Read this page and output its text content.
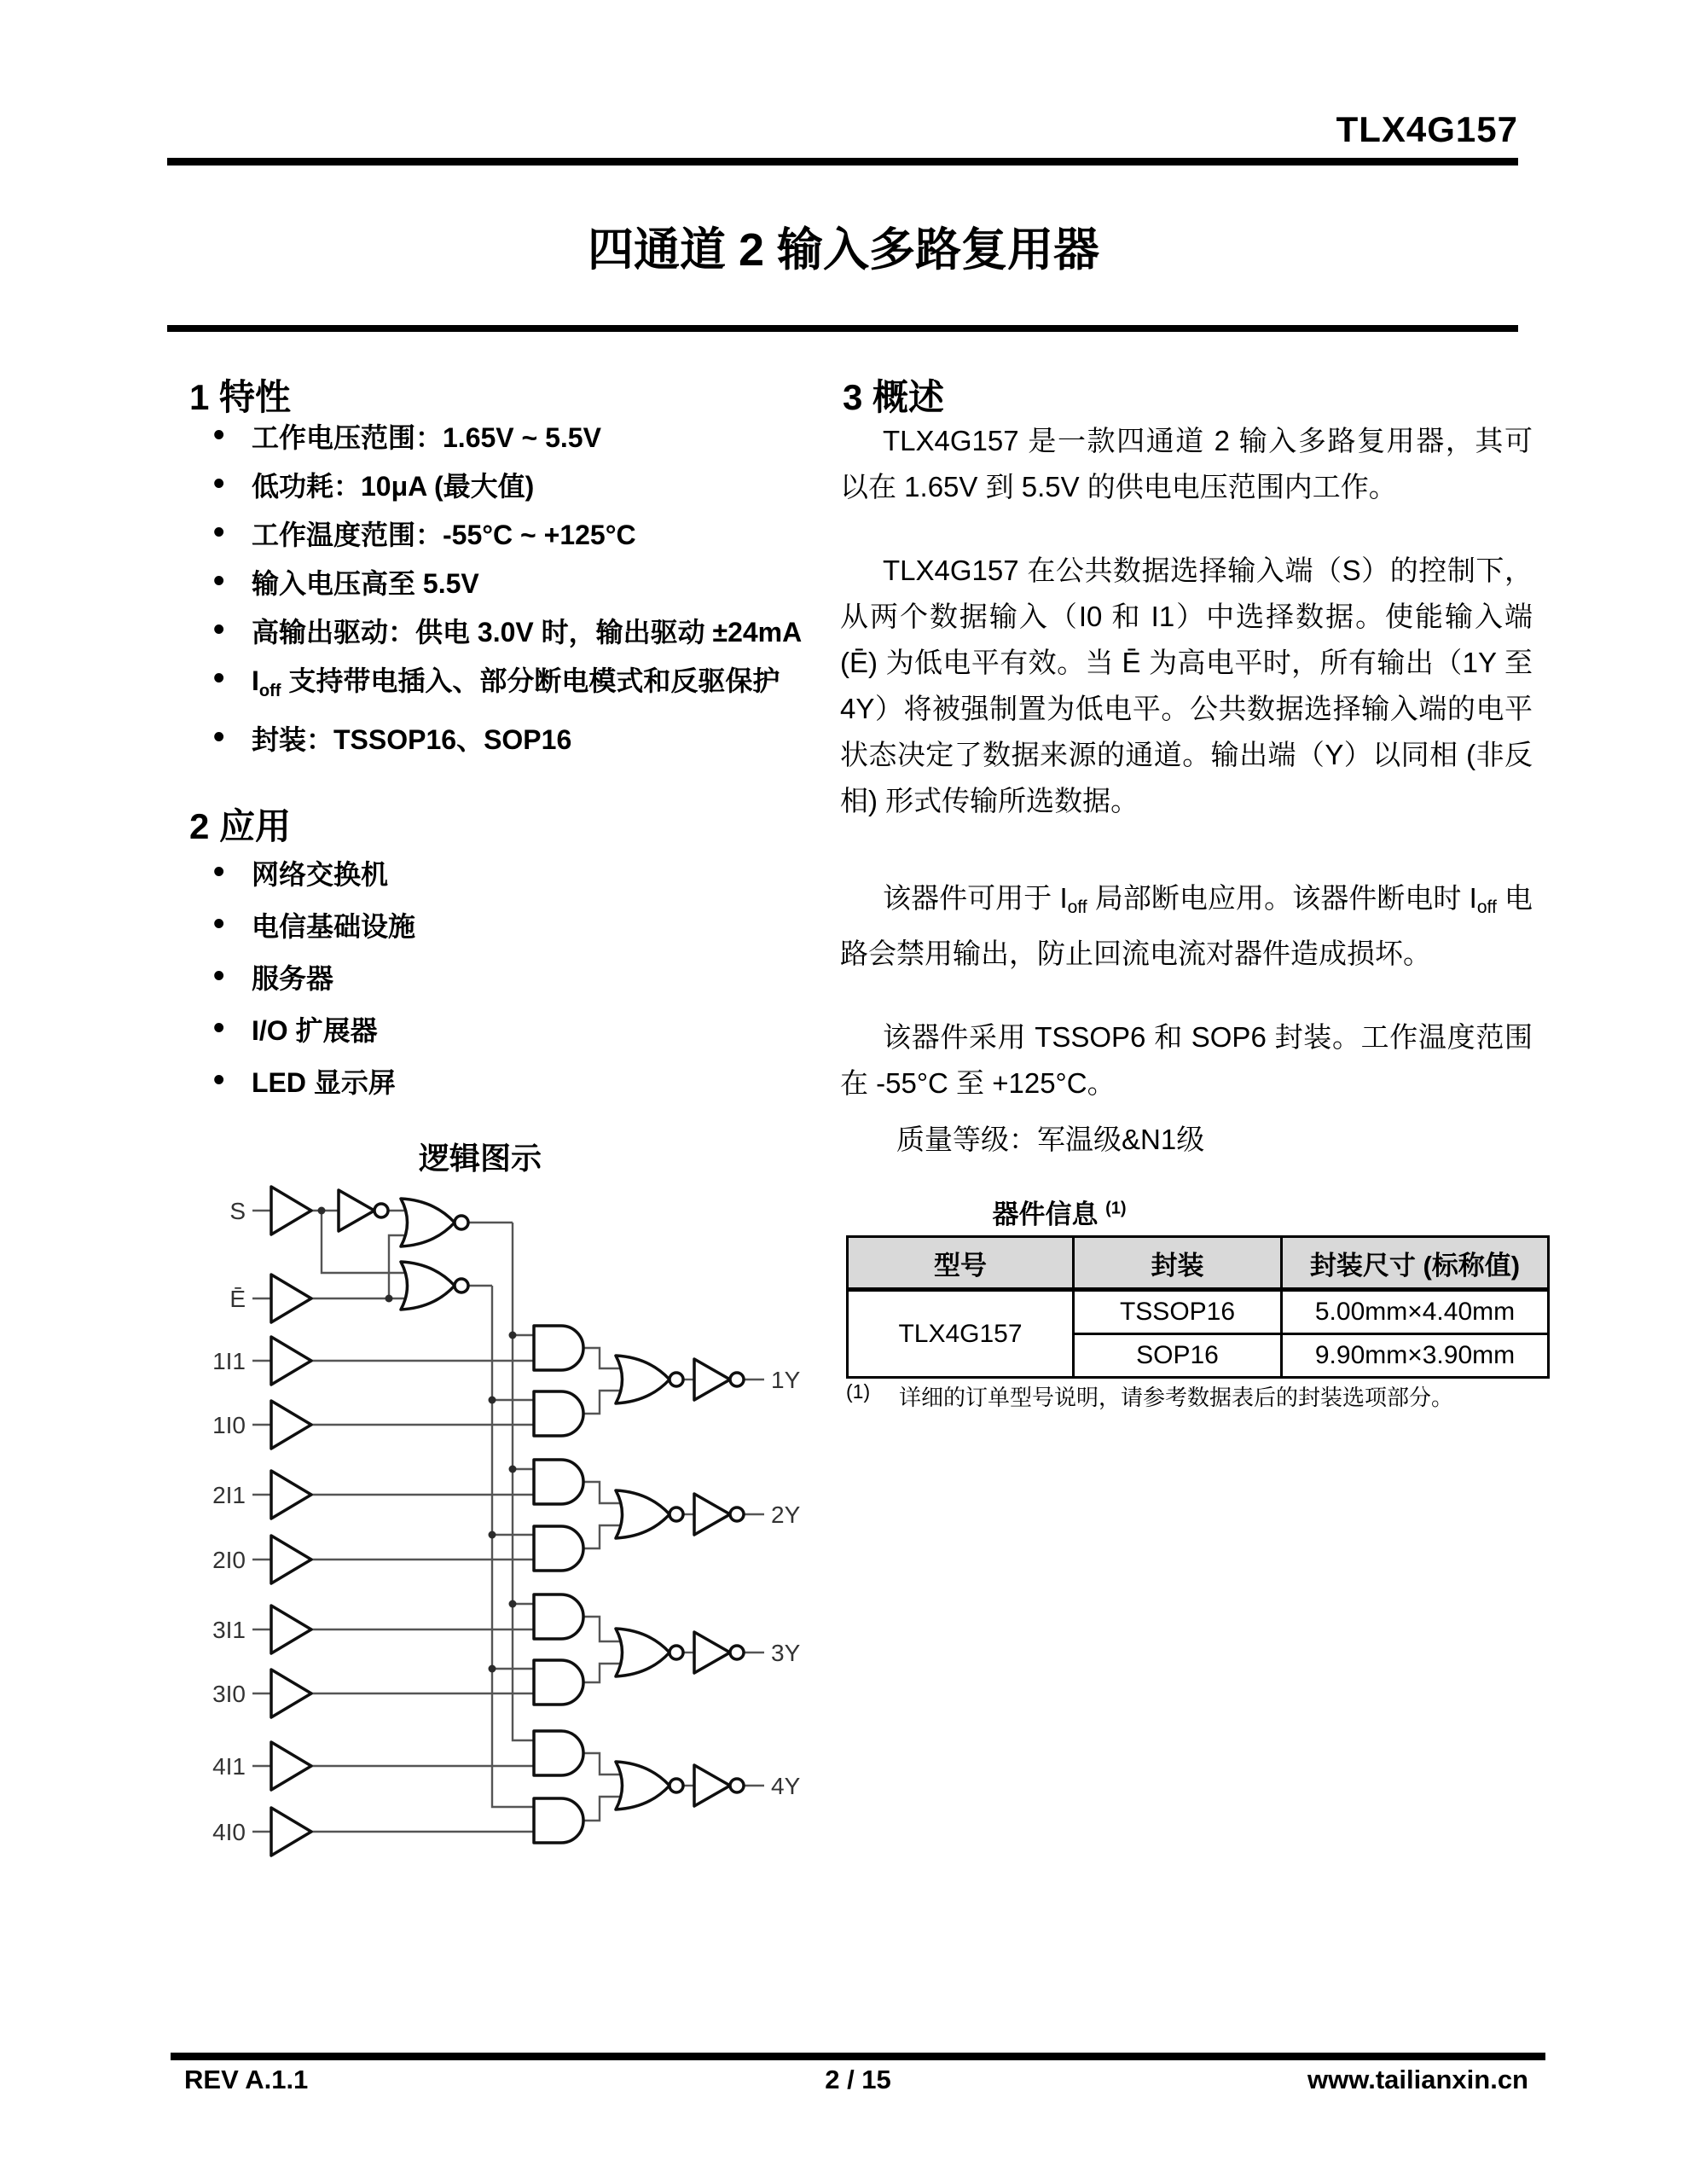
TLX4G157
四通道 2 输入多路复用器
1 特性
• 工作电压范围：1.65V ~ 5.5V
• 低功耗：10μA (最大值)
• 工作温度范围：-55°C ~ +125°C
• 输入电压高至 5.5V
• 高输出驱动：供电 3.0V 时，输出驱动 ±24mA
• $I_{off}$ 支持带电插入、部分断电模式和反驱保护
• 封装：TSSOP16、SOP16
2 应用
• 网络交换机
• 电信基础设施
• 服务器
• I/O 扩展器
• LED 显示屏
逻辑图示
S
Ē
1I1
1I0
2I1
2I0
3I1
3I0
4I1
4I0
1Y
2Y
3Y
4Y
3 概述

TLX4G157 是一款四通道 2 输入多路复用器，其可以在 1.65V 到 5.5V 的供电电压范围内工作。

TLX4G157 在公共数据选择输入端（S）的控制下，从两个数据输入（I0 和 I1）中选择数据。使能输入端 (Ē) 为低电平有效。当 Ē 为高电平时，所有输出（1Y 至 4Y）将被强制置为低电平。公共数据选择输入端的电平状态决定了数据来源的通道。输出端（Y）以同相 (非反相) 形式传输所选数据。

该器件可用于 $I_{off}$ 局部断电应用。该器件断电时 $I_{off}$ 电路会禁用输出，防止回流电流对器件造成损坏。

该器件采用 TSSOP6 和 SOP6 封装。工作温度范围在 -55°C 至 +125°C。

质量等级：军温级&N1级
器件信息 $^{(1)}$
型号	封装	封装尺寸 (标称值)
TLX4G157	TSSOP16	5.00mm×4.40mm
	SOP16	9.90mm×3.90mm
(1)	详细的订单型号说明，请参考数据表后的封装选项部分。
REV A.1.1	2 / 15	www.tailianxin.cn
